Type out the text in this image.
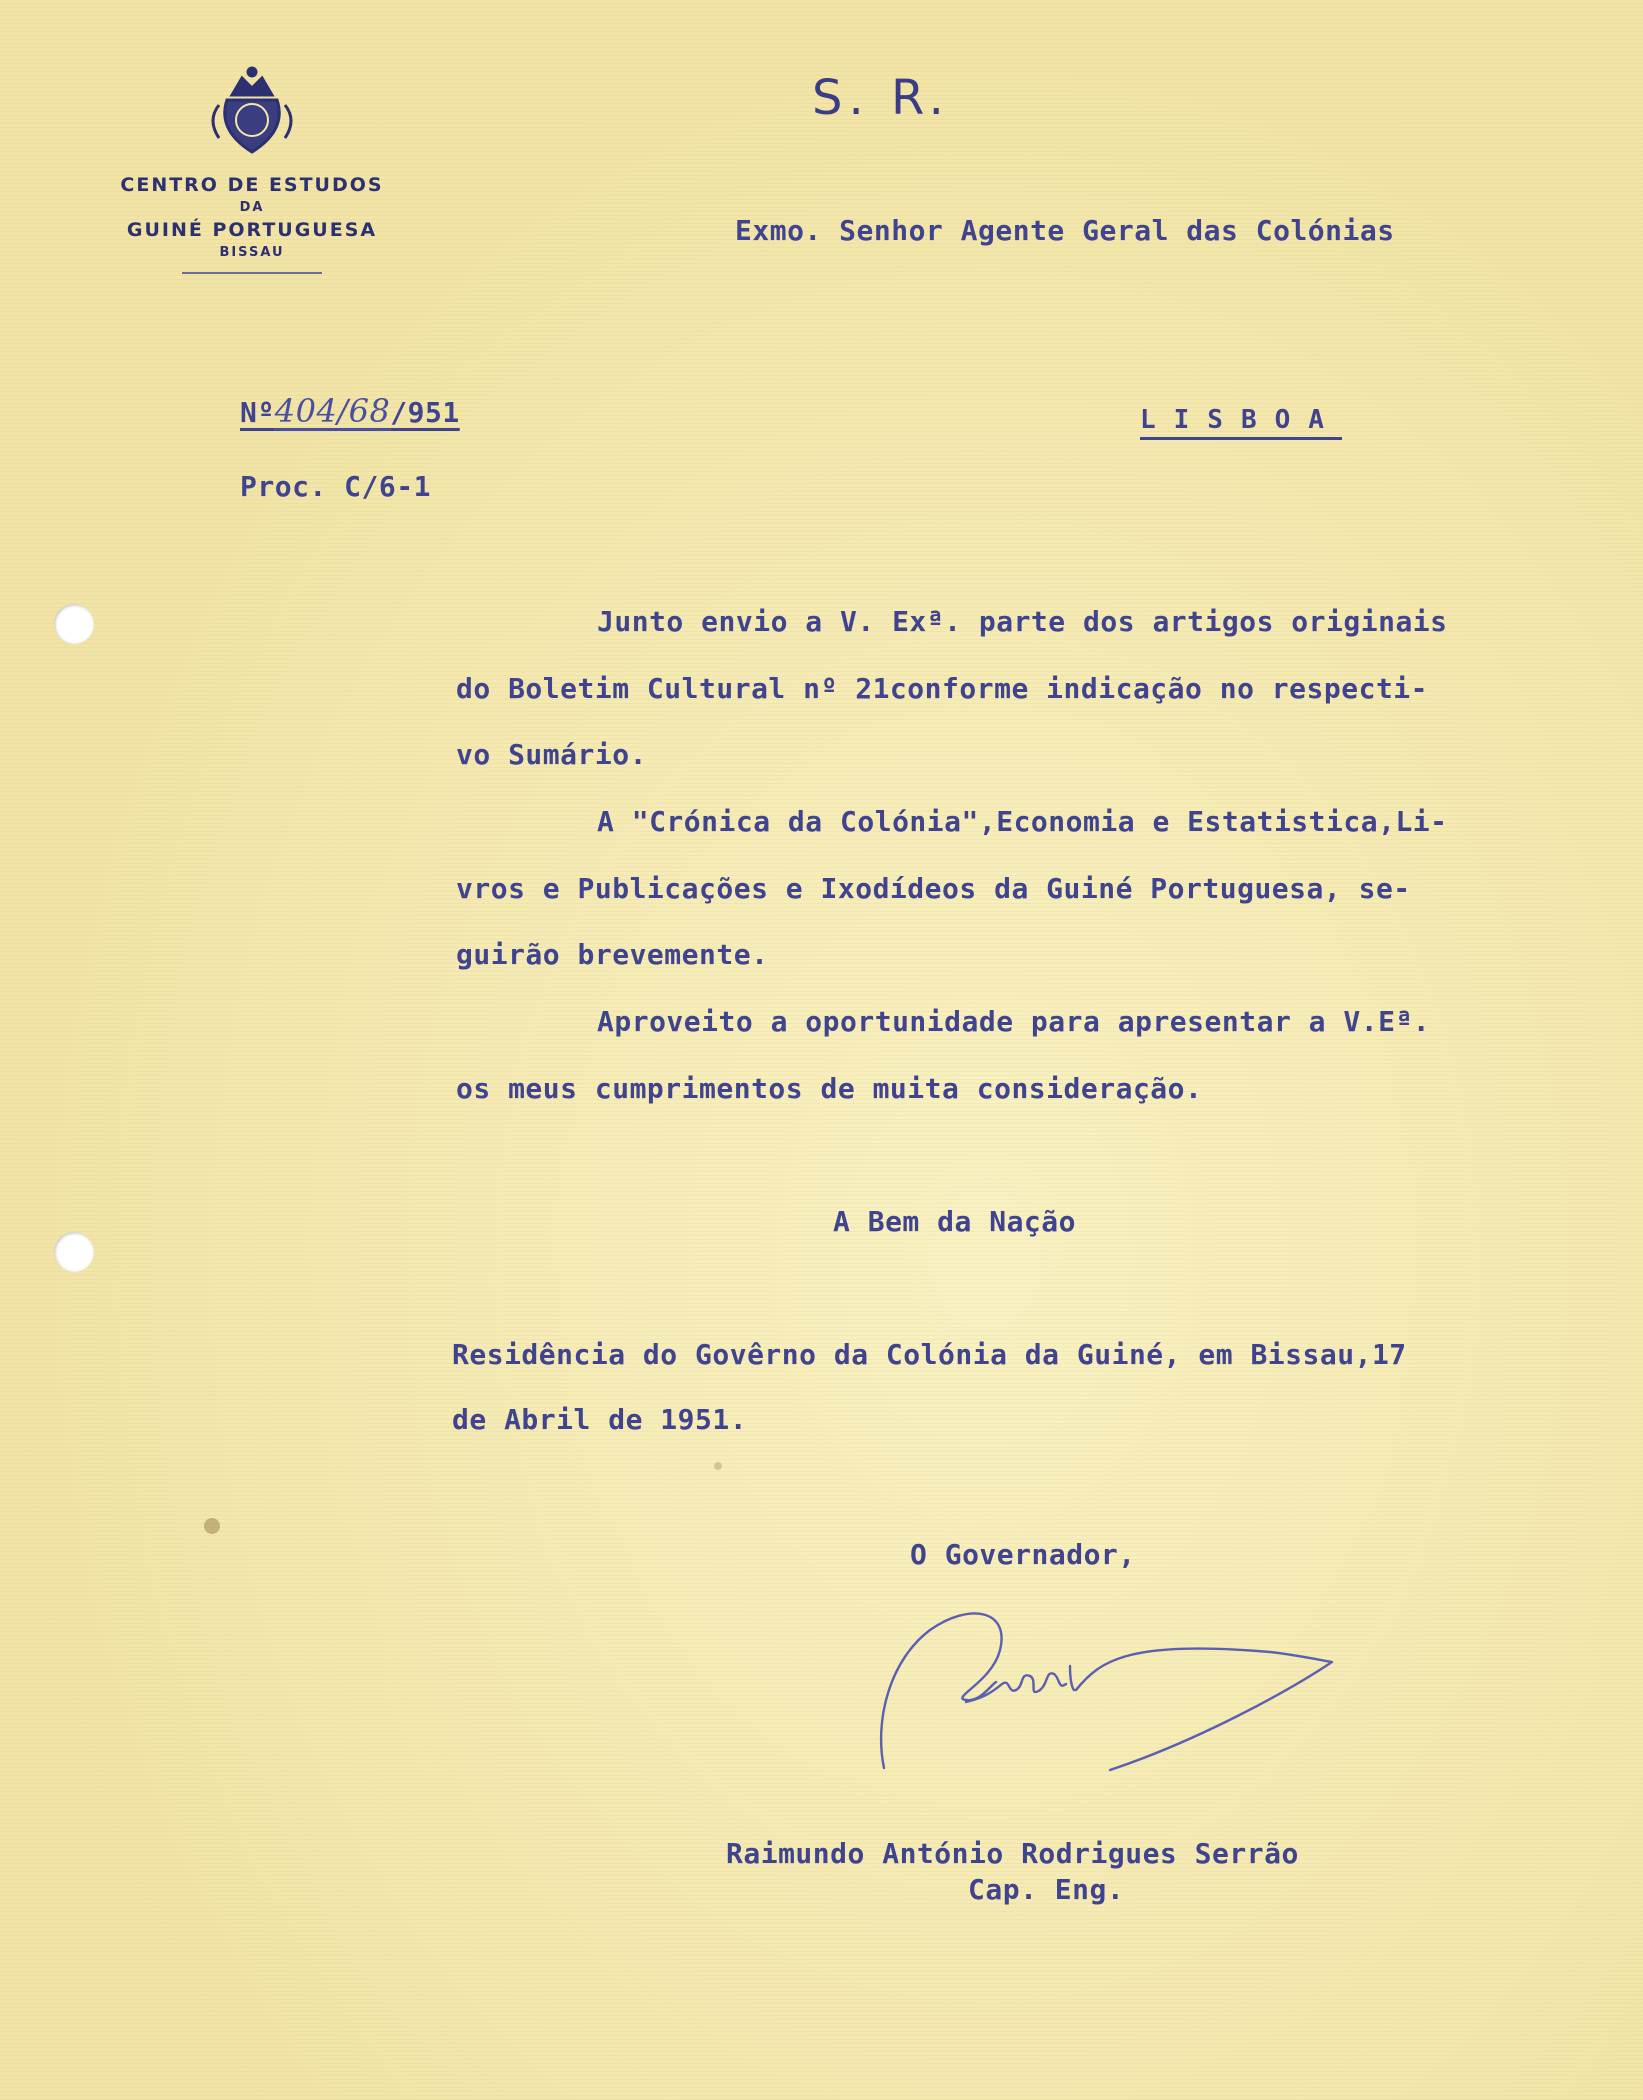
CENTRO DE ESTUDOS
DA
GUINÉ PORTUGUESA
BISSAU
S. R.
Exmo. Senhor Agente Geral das Colónias
Nº404/68/951	LISBOA
Proc. C/6-1
Junto envio a V. Exª. parte dos artigos originais
do Boletim Cultural nº 21conforme indicação no respecti-
vo Sumário.
A "Crónica da Colónia",Economia e Estatistica,Li-
vros e Publicações e Ixodídeos da Guiné Portuguesa, se-
guirão brevemente.
Aproveito a oportunidade para apresentar a V.Eª.
os meus cumprimentos de muita consideração.
A Bem da Nação
Residência do Govêrno da Colónia da Guiné, em Bissau,17
de Abril de 1951.
O Governador,
Raimundo António Rodrigues Serrão
Cap. Eng.
